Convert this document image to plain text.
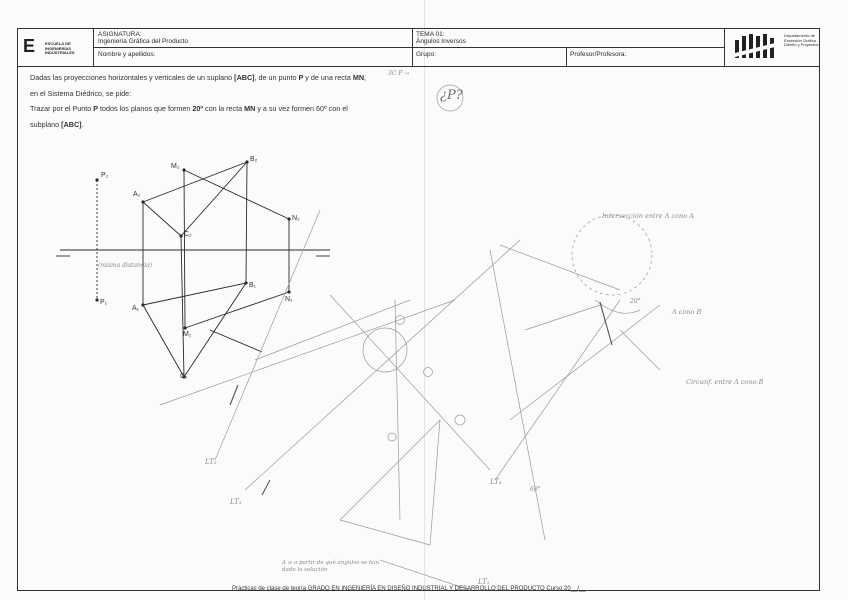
E ESCUELA DE
INGENIERÍAS
INDUSTRIALES
ASIGNATURA:
Ingeniería Gráfica del Producto
Nombre y apellidos:
TEMA 01:
Ángulos Inversos
Grupo:	Profesor/Profesora:
Departamento de
Expresión Gráfica
Diseño y Proyectos

Dadas las proyecciones horizontales y verticales de un suplano [ABC], de un punto P y de una recta MN,

en el Sistema Diédrico, se pide:

Trazar por el Punto P todos los planos que formen 20º con la recta MN y a su vez formen 60º con el

subplano [ABC].

P₂
P₁
A₂
A₁
M₂
M₁
B₂
B₁
N₂
N₁
C₂
C₁
¿P?
3C P →
Intersección entre Λ cono A
Λ cono B
Circunf. entre Λ cono B
(misma distancia)
Δ ≡ a partir de qué ángulos se han dado la solución
LT₂
LT₃
LT₄
LT₁
20°
60°
Prácticas de clase de teoría GRADO EN INGENIERÍA EN DISEÑO INDUSTRIAL Y DESARROLLO DEL PRODUCTO Curso 20__/__
